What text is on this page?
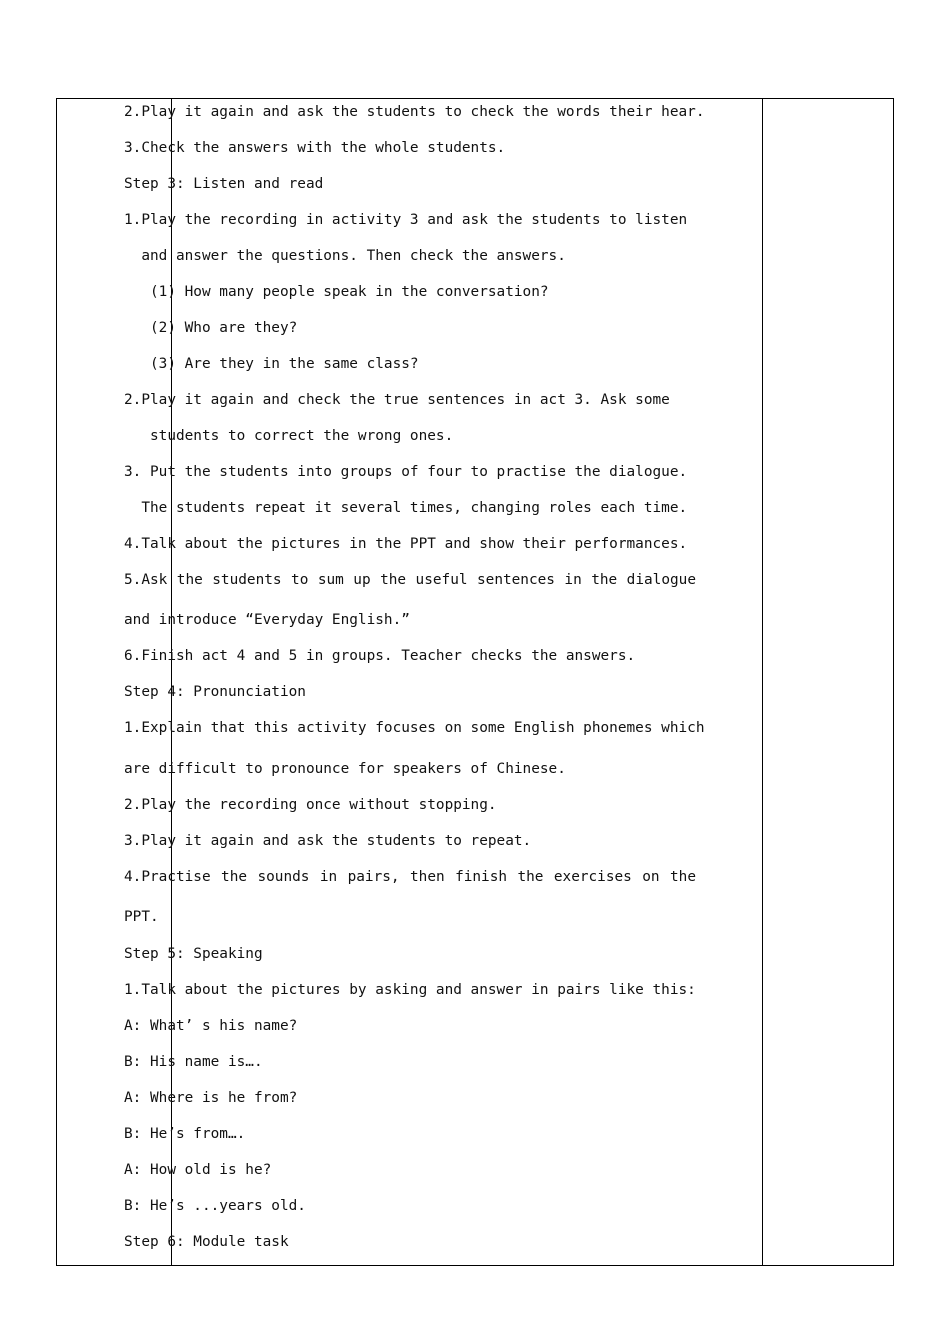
2.Play it again and ask the students to check the words their hear.
3.Check the answers with the whole students.
Step 3: Listen and read
1.Play the recording in activity 3 and ask the students to listen
and answer the questions. Then check the answers.
(1) How many people speak in the conversation?
(2) Who are they?
(3) Are they in the same class?
2.Play it again and check the true sentences in act 3. Ask some
students to correct the wrong ones.
3. Put the students into groups of four to practise the dialogue.
The students repeat it several times, changing roles each time.
4.Talk about the pictures in the PPT and show their performances.
5.Ask the students to sum up the useful sentences in the dialogue
and introduce “Everyday English.”
6.Finish act 4 and 5 in groups. Teacher checks the answers.
Step 4: Pronunciation
1.Explain that this activity focuses on some English phonemes which
are difficult to pronounce for speakers of Chinese.
2.Play the recording once without stopping.
3.Play it again and ask the students to repeat.
4.Practise the sounds in pairs, then finish the exercises on the
PPT.
Step 5: Speaking
1.Talk about the pictures by asking and answer in pairs like this:
A: What’ s his name?
B: His name is….
A: Where is he from?
B: He’s from….
A: How old is he?
B: He’s ...years old.
Step 6: Module task
